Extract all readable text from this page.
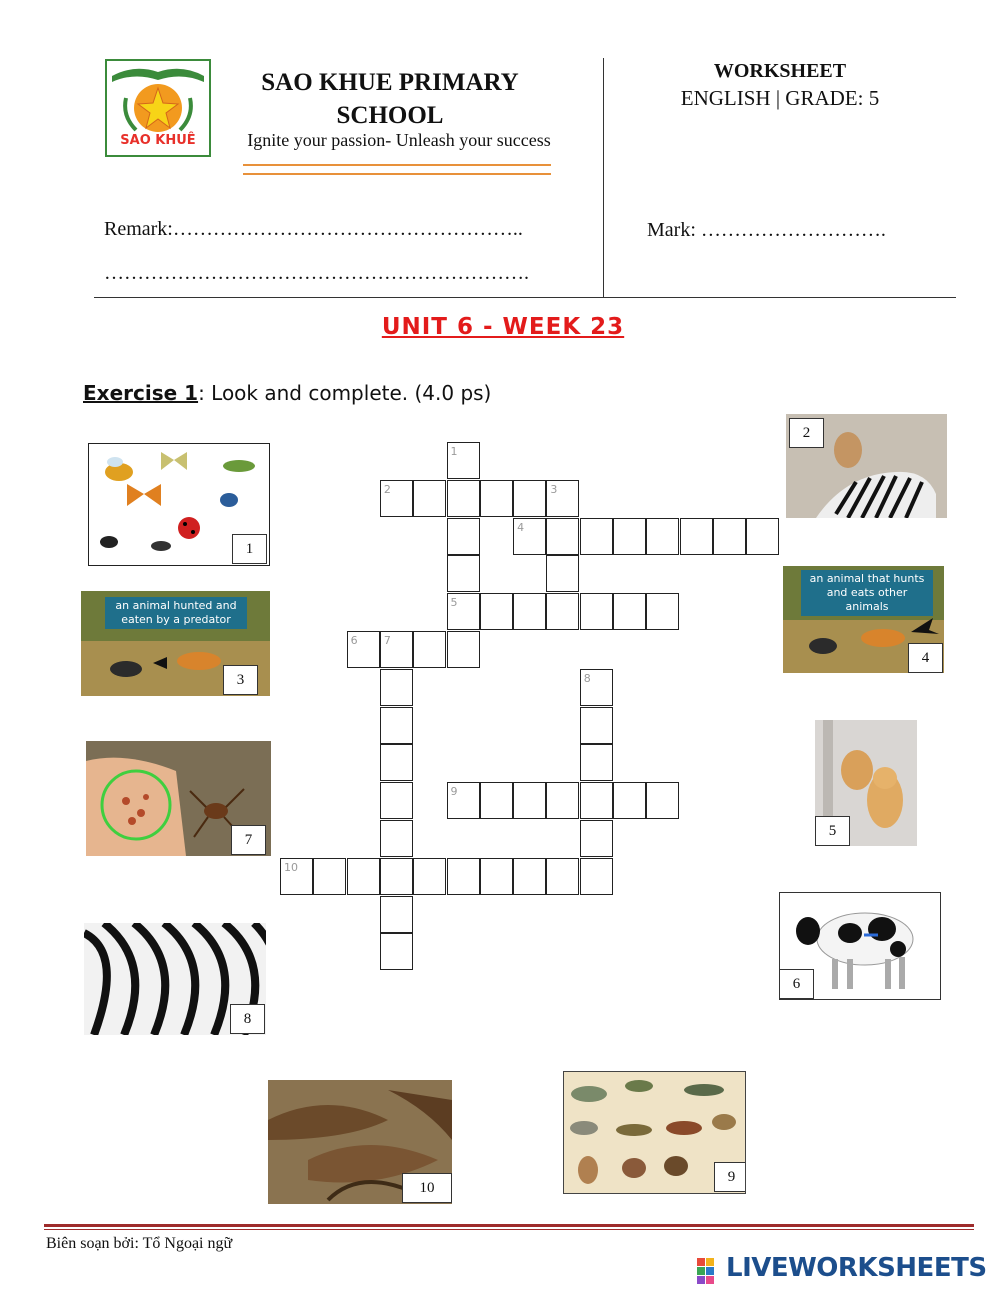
SAO KHUÊ
SAO KHUE PRIMARY
SCHOOL
Ignite your passion- Unleash your success
WORKSHEET
ENGLISH | GRADE: 5
Remark:……………………………………………..
……………………………………………………….
Mark: ……………………….
UNIT 6 - WEEK 23
Exercise 1: Look and complete. (4.0 ps)
1
5
2	3
4
6 7
8
9
10
1
2
an animal hunted and eaten by a predator
3
an animal that hunts and eats other animals
4
5
7
6
8
10
9
Biên soạn bởi: Tổ Ngoại ngữ
LIVEWORKSHEETS
